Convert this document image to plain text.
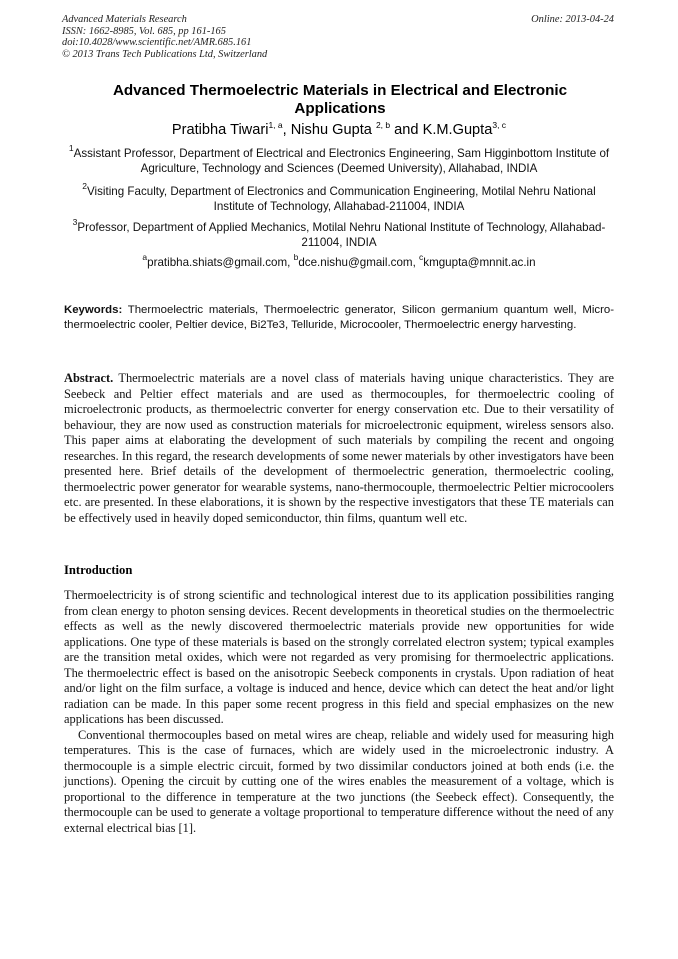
Advanced Materials Research
ISSN: 1662-8985, Vol. 685, pp 161-165
doi:10.4028/www.scientific.net/AMR.685.161
© 2013 Trans Tech Publications Ltd, Switzerland
Online: 2013-04-24
Advanced Thermoelectric Materials in Electrical and Electronic Applications
Pratibha Tiwari$^{1, a}$, Nishu Gupta $^{2, b}$ and K.M.Gupta$^{3, c}$
$^1$Assistant Professor, Department of Electrical and Electronics Engineering, Sam Higginbottom Institute of Agriculture, Technology and Sciences (Deemed University), Allahabad, INDIA
$^2$Visiting Faculty, Department of Electronics and Communication Engineering, Motilal Nehru National Institute of Technology, Allahabad-211004, INDIA
$^3$Professor, Department of Applied Mechanics, Motilal Nehru National Institute of Technology, Allahabad-211004, INDIA
$^a$pratibha.shiats@gmail.com, $^b$dce.nishu@gmail.com, $^c$kmgupta@mnnit.ac.in
Keywords: Thermoelectric materials, Thermoelectric generator, Silicon germanium quantum well, Micro-thermoelectric cooler, Peltier device, Bi2Te3, Telluride, Microcooler, Thermoelectric energy harvesting.
Abstract. Thermoelectric materials are a novel class of materials having unique characteristics. They are Seebeck and Peltier effect materials and are used as thermocouples, for thermoelectric cooling of microelectronic products, as thermoelectric converter for energy conservation etc. Due to their versatility of behaviour, they are now used as construction materials for microelectronic equipment, wireless sensors also. This paper aims at elaborating the development of such materials by compiling the recent and ongoing researches. In this regard, the research developments of some newer materials by other investigators have been presented here. Brief details of the development of thermoelectric generation, thermoelectric cooling, thermoelectric power generator for wearable systems, nano-thermocouple, thermoelectric Peltier microcoolers etc. are presented. In these elaborations, it is shown by the respective investigators that these TE materials can be effectively used in heavily doped semiconductor, thin films, quantum well etc.
Introduction

Thermoelectricity is of strong scientific and technological interest due to its application possibilities ranging from clean energy to photon sensing devices. Recent developments in theoretical studies on the thermoelectric effects as well as the newly discovered thermoelectric materials provide new opportunities for wide applications. One type of these materials is based on the strongly correlated electron system; typical examples are the transition metal oxides, which were not regarded as very promising for thermoelectric applications. The thermoelectric effect is based on the anisotropic Seebeck components in crystals. Upon radiation of heat and/or light on the film surface, a voltage is induced and hence, device which can detect the heat and/or light radiation can be made. In this paper some recent progress in this field and special emphasizes on the new applications has been discussed.

Conventional thermocouples based on metal wires are cheap, reliable and widely used for measuring high temperatures. This is the case of furnaces, which are widely used in the microelectronic industry. A thermocouple is a simple electric circuit, formed by two dissimilar conductors joined at both ends (i.e. the junctions). Opening the circuit by cutting one of the wires enables the measurement of a voltage, which is proportional to the difference in temperature at the two junctions (the Seebeck effect). Consequently, the thermocouple can be used to generate a voltage proportional to temperature difference without the need of any external electrical bias [1].
